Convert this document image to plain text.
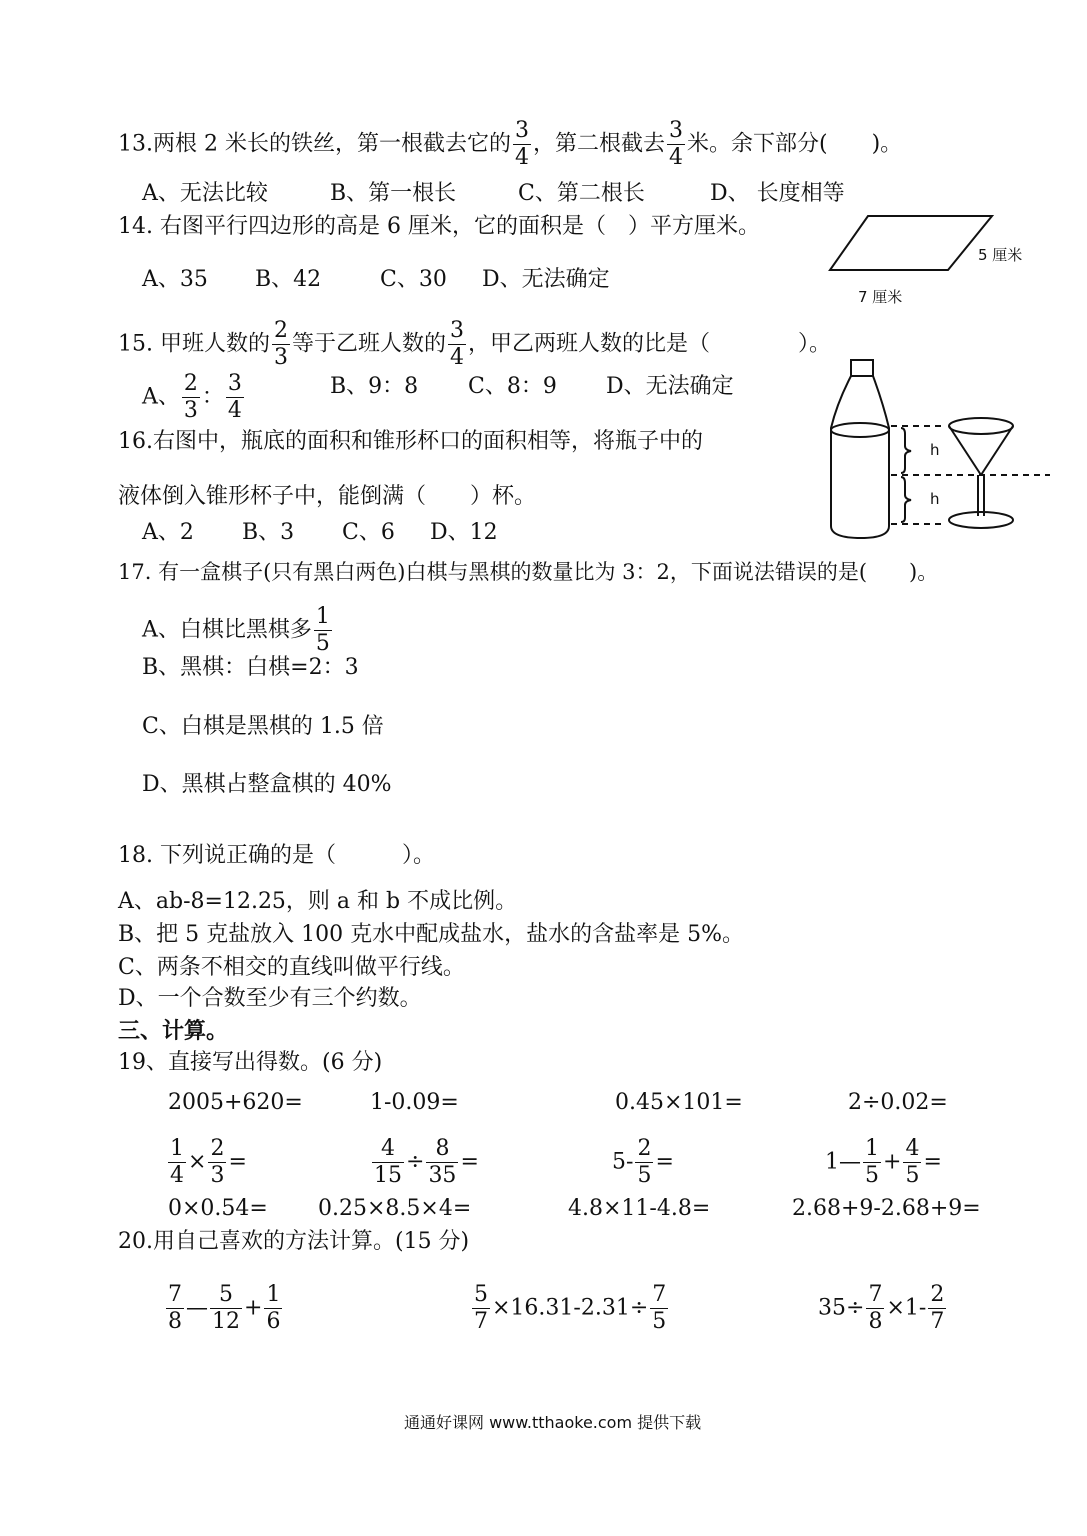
13.两根 2 米长的铁丝，第一根截去它的 $\frac{3}{4}$ ，第二根截去 $\frac{3}{4}$ 米。余下部分(　　)。
A、无法比较	B、第一根长	C、第二根长	D、 长度相等
14. 右图平行四边形的高是 6 厘米，它的面积是（　）平方厘米。
A、35 B、42	C、30 D、无法确定
5 厘米
7 厘米
15. 甲班人数的 $\frac{2}{3}$ 等于乙班人数的 $\frac{3}{4}$ ，甲乙两班人数的比是（　　　　）。
A、 $\frac{2}{3}$ ： $\frac{3}{4}$	B、9：8 C、8：9 D、无法确定
16.右图中，瓶底的面积和锥形杯口的面积相等，将瓶子中的
液体倒入锥形杯子中，能倒满（　　）杯。
A、2 B、3 C、6 D、12
h
h
17. 有一盒棋子(只有黑白两色)白棋与黑棋的数量比为 3：2，下面说法错误的是(　　)。
A、白棋比黑棋多 $\frac{1}{5}$
B、黑棋：白棋=2：3
C、白棋是黑棋的 1.5 倍
D、黑棋占整盒棋的 40%
18. 下列说正确的是（　　　）。
A、ab-8=12.25，则 a 和 b 不成比例。
B、把 5 克盐放入 100 克水中配成盐水，盐水的含盐率是 5%。
C、两条不相交的直线叫做平行线。
D、一个合数至少有三个约数。
三、计算。
19、直接写出得数。(6 分)
2005+620=	1-0.09=	0.45×101=	2÷0.02=
$\frac{1}{4} \times \frac{2}{3}$ =	$\frac{4}{15} \div \frac{8}{35}$ =	$5- \frac{2}{5}$ =	1— $\frac{1}{5} + \frac{4}{5}$ =
0×0.54= 0.25×8.5×4=	4.8×11-4.8=	2.68+9-2.68+9=
20.用自己喜欢的方法计算。(15 分)
$\frac{7}{8}$ — $\frac{5}{12} + \frac{1}{6}$	$\frac{5}{7} \times 16.31-2.31\div \frac{7}{5}$	$35\div \frac{7}{8} \times 1- \frac{2}{7}$
通通好课网 www.tthaoke.com 提供下载
